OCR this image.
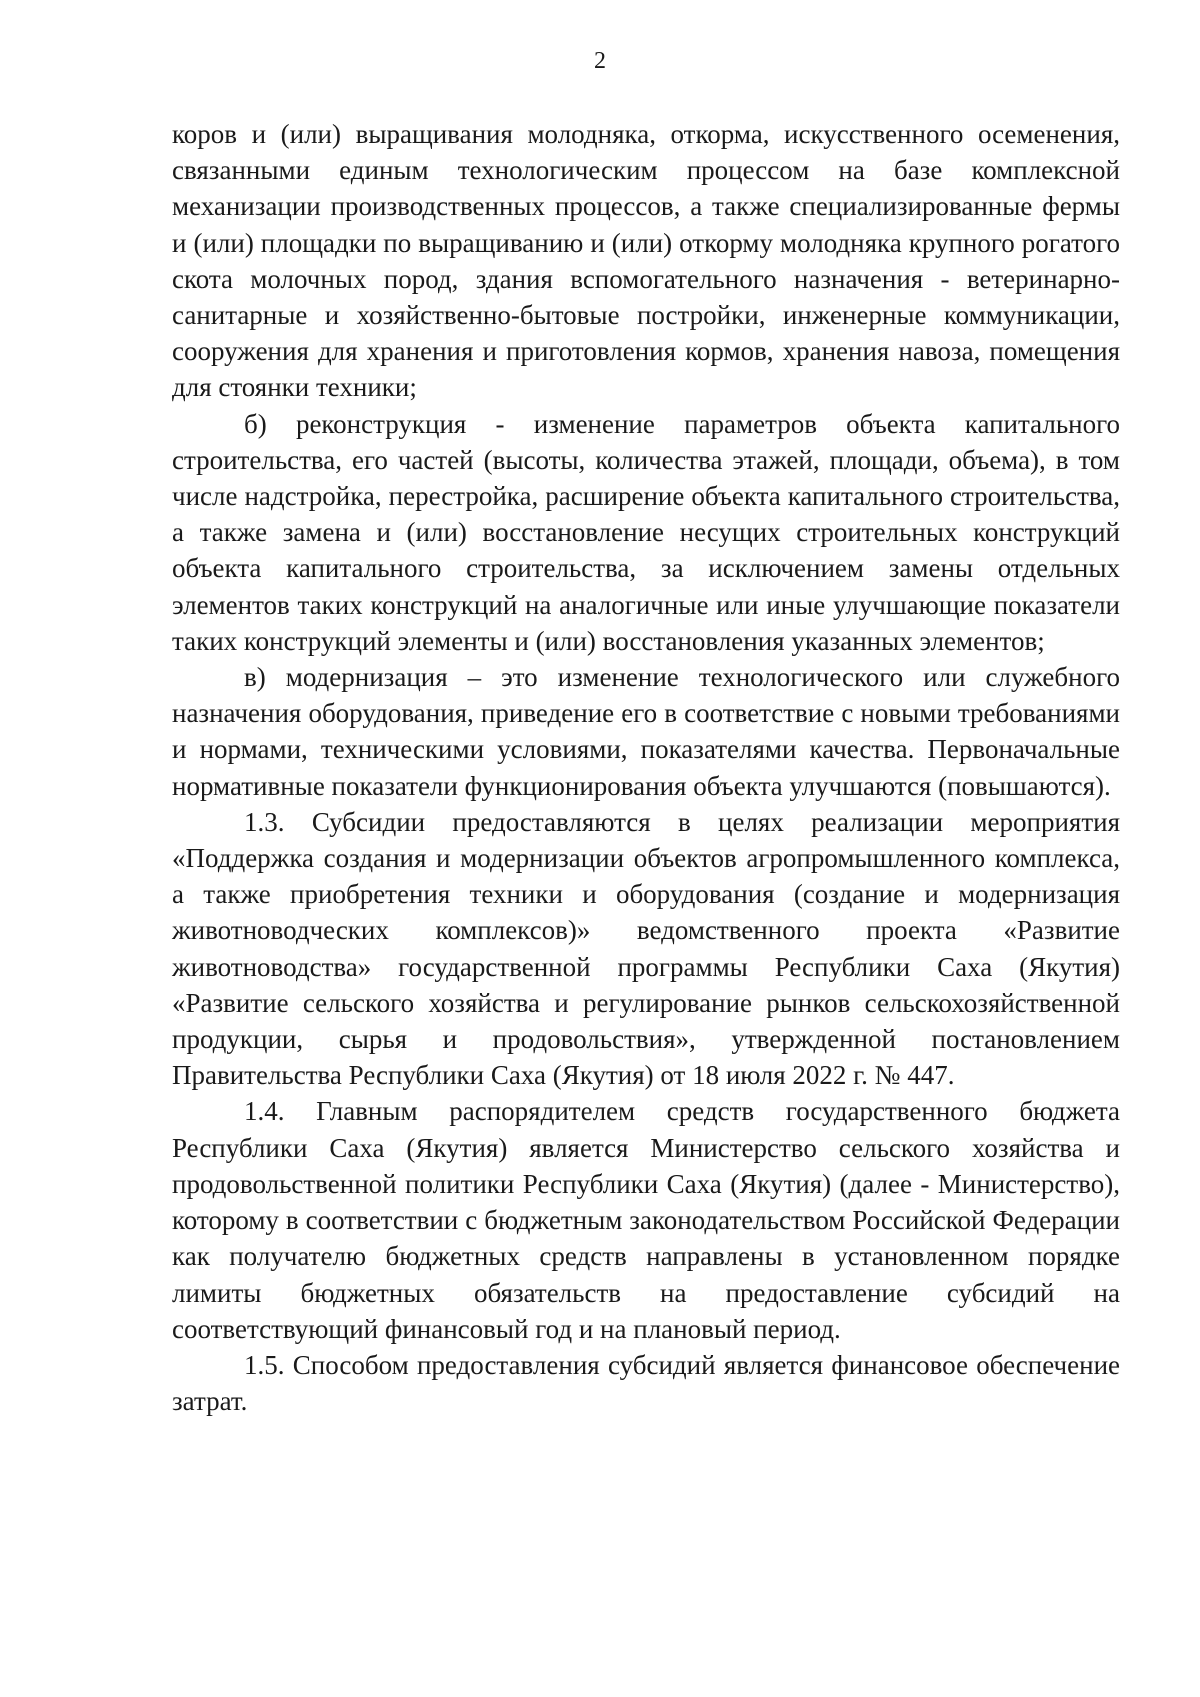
2

коров и (или) выращивания молодняка, откорма, искусственного осеменения, связанными единым технологическим процессом на базе комплексной механизации производственных процессов, а также специализированные фермы и (или) площадки по выращиванию и (или) откорму молодняка крупного рогатого скота молочных пород, здания вспомогательного назначения - ветеринарно-санитарные и хозяйственно-бытовые постройки, инженерные коммуникации, сооружения для хранения и приготовления кормов, хранения навоза, помещения для стоянки техники;

б) реконструкция - изменение параметров объекта капитального строительства, его частей (высоты, количества этажей, площади, объема), в том числе надстройка, перестройка, расширение объекта капитального строительства, а также замена и (или) восстановление несущих строительных конструкций объекта капитального строительства, за исключением замены отдельных элементов таких конструкций на аналогичные или иные улучшающие показатели таких конструкций элементы и (или) восстановления указанных элементов;

в) модернизация – это изменение технологического или служебного назначения оборудования, приведение его в соответствие с новыми требованиями и нормами, техническими условиями, показателями качества. Первоначальные нормативные показатели функционирования объекта улучшаются (повышаются).

1.3. Субсидии предоставляются в целях реализации мероприятия «Поддержка создания и модернизации объектов агропромышленного комплекса, а также приобретения техники и оборудования (создание и модернизация животноводческих комплексов)» ведомственного проекта «Развитие животноводства» государственной программы Республики Саха (Якутия) «Развитие сельского хозяйства и регулирование рынков сельскохозяйственной продукции, сырья и продовольствия», утвержденной постановлением Правительства Республики Саха (Якутия) от 18 июля 2022 г. № 447.

1.4. Главным распорядителем средств государственного бюджета Республики Саха (Якутия) является Министерство сельского хозяйства и продовольственной политики Республики Саха (Якутия) (далее - Министерство), которому в соответствии с бюджетным законодательством Российской Федерации как получателю бюджетных средств направлены в установленном порядке лимиты бюджетных обязательств на предоставление субсидий на соответствующий финансовый год и на плановый период.

1.5. Способом предоставления субсидий является финансовое обеспечение затрат.
